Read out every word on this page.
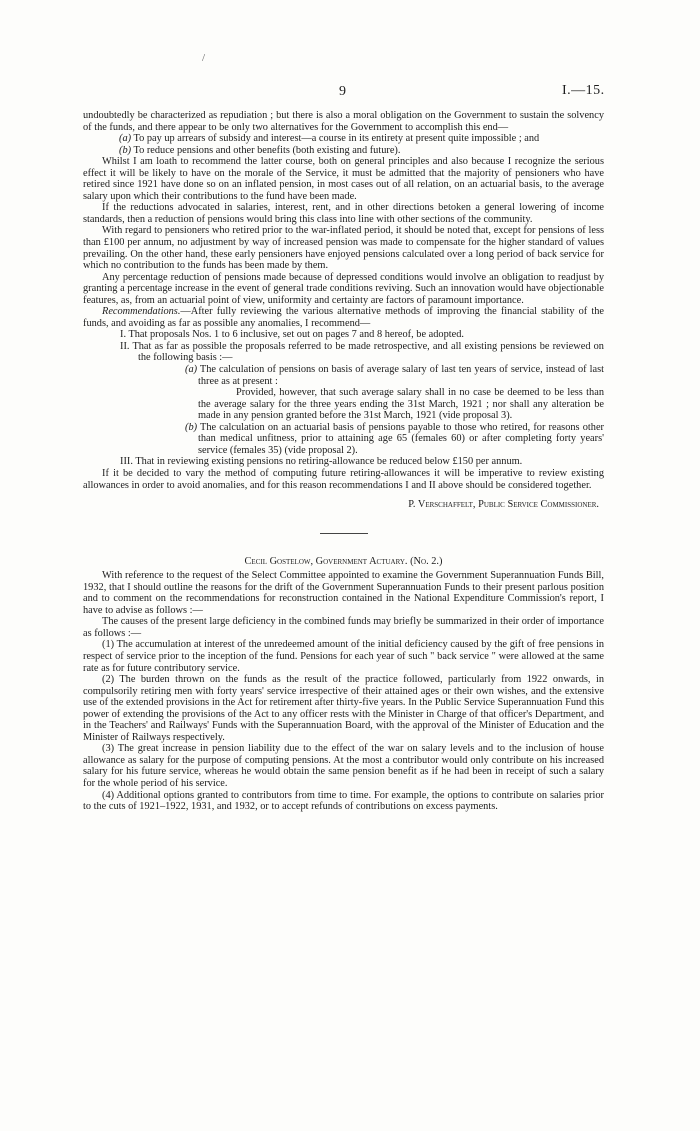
/
9	I.—15.

undoubtedly be characterized as repudiation ; but there is also a moral obligation on the Government to sustain the solvency of the funds, and there appear to be only two alternatives for the Government to accomplish this end—

(a) To pay up arrears of subsidy and interest—a course in its entirety at present quite impossible ; and

(b) To reduce pensions and other benefits (both existing and future).

Whilst I am loath to recommend the latter course, both on general principles and also because I recognize the serious effect it will be likely to have on the morale of the Service, it must be admitted that the majority of pensioners who have retired since 1921 have done so on an inflated pension, in most cases out of all relation, on an actuarial basis, to the average salary upon which their contributions to the fund have been made.

If the reductions advocated in salaries, interest, rent, and in other directions betoken a general lowering of income standards, then a reduction of pensions would bring this class into line with other sections of the community.

With regard to pensioners who retired prior to the war-inflated period, it should be noted that, except for pensions of less than £100 per annum, no adjustment by way of increased pension was made to compensate for the higher standard of values prevailing. On the other hand, these early pensioners have enjoyed pensions calculated over a long period of back service for which no contribution to the funds has been made by them.

Any percentage reduction of pensions made because of depressed conditions would involve an obligation to readjust by granting a percentage increase in the event of general trade conditions reviving. Such an innovation would have objectionable features, as, from an actuarial point of view, uniformity and certainty are factors of paramount importance.

Recommendations.—After fully reviewing the various alternative methods of improving the financial stability of the funds, and avoiding as far as possible any anomalies, I recommend—

I. That proposals Nos. 1 to 6 inclusive, set out on pages 7 and 8 hereof, be adopted.

II. That as far as possible the proposals referred to be made retrospective, and all existing pensions be reviewed on the following basis :—

(a) The calculation of pensions on basis of average salary of last ten years of service, instead of last three as at present :

Provided, however, that such average salary shall in no case be deemed to be less than the average salary for the three years ending the 31st March, 1921 ; nor shall any alteration be made in any pension granted before the 31st March, 1921 (vide proposal 3).

(b) The calculation on an actuarial basis of pensions payable to those who retired, for reasons other than medical unfitness, prior to attaining age 65 (females 60) or after completing forty years' service (females 35) (vide proposal 2).

III. That in reviewing existing pensions no retiring-allowance be reduced below £150 per annum.

If it be decided to vary the method of computing future retiring-allowances it will be imperative to review existing allowances in order to avoid anomalies, and for this reason recommendations I and II above should be considered together.

P. Verschaffelt, Public Service Commissioner.

Cecil Gostelow, Government Actuary. (No. 2.)

With reference to the request of the Select Committee appointed to examine the Government Superannuation Funds Bill, 1932, that I should outline the reasons for the drift of the Government Superannuation Funds to their present parlous position and to comment on the recommendations for reconstruction contained in the National Expenditure Commission's report, I have to advise as follows :—

The causes of the present large deficiency in the combined funds may briefly be summarized in their order of importance as follows :—

(1) The accumulation at interest of the unredeemed amount of the initial deficiency caused by the gift of free pensions in respect of service prior to the inception of the fund. Pensions for each year of such " back service " were allowed at the same rate as for future contributory service.

(2) The burden thrown on the funds as the result of the practice followed, particularly from 1922 onwards, in compulsorily retiring men with forty years' service irrespective of their attained ages or their own wishes, and the extensive use of the extended provisions in the Act for retirement after thirty-five years. In the Public Service Superannuation Fund this power of extending the provisions of the Act to any officer rests with the Minister in Charge of that officer's Department, and in the Teachers' and Railways' Funds with the Superannuation Board, with the approval of the Minister of Education and the Minister of Railways respectively.

(3) The great increase in pension liability due to the effect of the war on salary levels and to the inclusion of house allowance as salary for the purpose of computing pensions. At the most a contributor would only contribute on his increased salary for his future service, whereas he would obtain the same pension benefit as if he had been in receipt of such a salary for the whole period of his service.

(4) Additional options granted to contributors from time to time. For example, the options to contribute on salaries prior to the cuts of 1921–1922, 1931, and 1932, or to accept refunds of contributions on excess payments.
